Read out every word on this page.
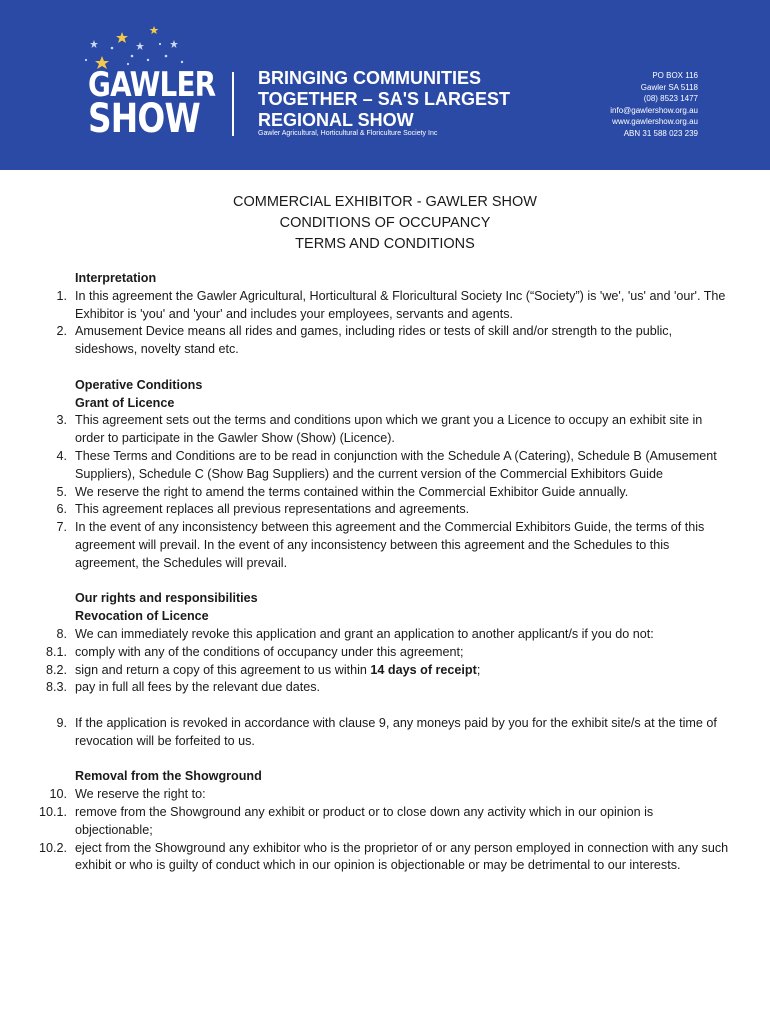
GAWLER
SHOW
BRINGING COMMUNITIES
TOGETHER – SA'S LARGEST
REGIONAL SHOW
Gawler Agricultural, Horticultural & Floriculture Society Inc
PO BOX 116
Gawler SA 5118
(08) 8523 1477
info@gawlershow.org.au
www.gawlershow.org.au
ABN 31 588 023 239
COMMERCIAL EXHIBITOR - GAWLER SHOW
CONDITIONS OF OCCUPANCY
TERMS AND CONDITIONS
Interpretation
1. In this agreement the Gawler Agricultural, Horticultural & Floricultural Society Inc (“Society”) is 'we', 'us' and 'our'. The Exhibitor is 'you' and 'your' and includes your employees, servants and agents.
2. Amusement Device means all rides and games, including rides or tests of skill and/or strength to the public, sideshows, novelty stand etc.
Operative Conditions
Grant of Licence
3. This agreement sets out the terms and conditions upon which we grant you a Licence to occupy an exhibit site in order to participate in the Gawler Show (Show) (Licence).
4. These Terms and Conditions are to be read in conjunction with the Schedule A (Catering), Schedule B (Amusement Suppliers), Schedule C (Show Bag Suppliers) and the current version of the Commercial Exhibitors Guide
5. We reserve the right to amend the terms contained within the Commercial Exhibitor Guide annually.
6. This agreement replaces all previous representations and agreements.
7. In the event of any inconsistency between this agreement and the Commercial Exhibitors Guide, the terms of this agreement will prevail. In the event of any inconsistency between this agreement and the Schedules to this agreement, the Schedules will prevail.
Our rights and responsibilities
Revocation of Licence
8. We can immediately revoke this application and grant an application to another applicant/s if you do not:
8.1. comply with any of the conditions of occupancy under this agreement;
8.2. sign and return a copy of this agreement to us within 14 days of receipt;
8.3. pay in full all fees by the relevant due dates.
9. If the application is revoked in accordance with clause 9, any moneys paid by you for the exhibit site/s at the time of revocation will be forfeited to us.
Removal from the Showground
10. We reserve the right to:
10.1. remove from the Showground any exhibit or product or to close down any activity which in our opinion is objectionable;
10.2. eject from the Showground any exhibitor who is the proprietor of or any person employed in connection with any such exhibit or who is guilty of conduct which in our opinion is objectionable or may be detrimental to our interests.
